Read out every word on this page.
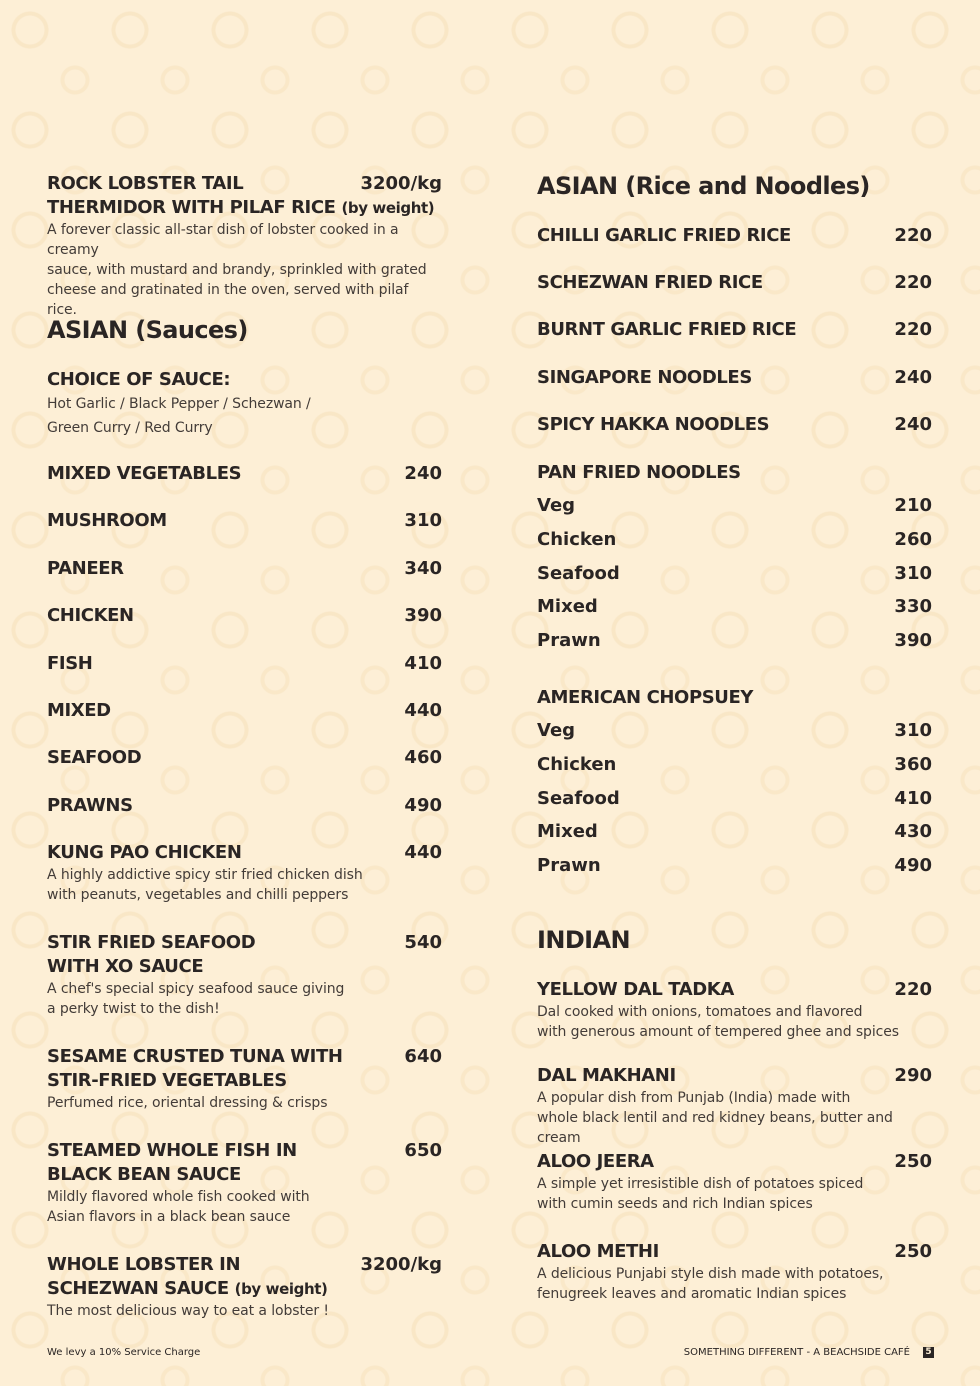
ROCK LOBSTER TAIL
THERMIDOR WITH PILAF RICE (by weight)
3200/kg
A forever classic all-star dish of lobster cooked in a creamy
sauce, with mustard and brandy, sprinkled with grated
cheese and gratinated in the oven, served with pilaf rice.
ASIAN (Sauces)
CHOICE OF SAUCE:
Hot Garlic / Black Pepper / Schezwan /
Green Curry / Red Curry
MIXED VEGETABLES	240
MUSHROOM	310
PANEER	340
CHICKEN	390
FISH	410
MIXED	440
SEAFOOD	460
PRAWNS	490
KUNG PAO CHICKEN	440
A highly addictive spicy stir fried chicken dish
with peanuts, vegetables and chilli peppers
STIR FRIED SEAFOOD
WITH XO SAUCE
540
A chef's special spicy seafood sauce giving
a perky twist to the dish!
SESAME CRUSTED TUNA WITH
STIR-FRIED VEGETABLES
640
Perfumed rice, oriental dressing & crisps
STEAMED WHOLE FISH IN
BLACK BEAN SAUCE
650
Mildly flavored whole fish cooked with
Asian flavors in a black bean sauce
WHOLE LOBSTER IN
SCHEZWAN SAUCE (by weight)
3200/kg
The most delicious way to eat a lobster !
ASIAN (Rice and Noodles)
CHILLI GARLIC FRIED RICE	220
SCHEZWAN FRIED RICE	220
BURNT GARLIC FRIED RICE	220
SINGAPORE NOODLES	240
SPICY HAKKA NOODLES	240
PAN FRIED NOODLES
Veg	210
Chicken	260
Seafood	310
Mixed	330
Prawn	390
AMERICAN CHOPSUEY
Veg	310
Chicken	360
Seafood	410
Mixed	430
Prawn	490
INDIAN
YELLOW DAL TADKA	220
Dal cooked with onions, tomatoes and flavored
with generous amount of tempered ghee and spices
DAL MAKHANI	290
A popular dish from Punjab (India) made with
whole black lentil and red kidney beans, butter and cream
ALOO JEERA	250
A simple yet irresistible dish of potatoes spiced
with cumin seeds and rich Indian spices
ALOO METHI	250
A delicious Punjabi style dish made with potatoes,
fenugreek leaves and aromatic Indian spices
We levy a 10% Service Charge	SOMETHING DIFFERENT - A BEACHSIDE CAFÉ 5
